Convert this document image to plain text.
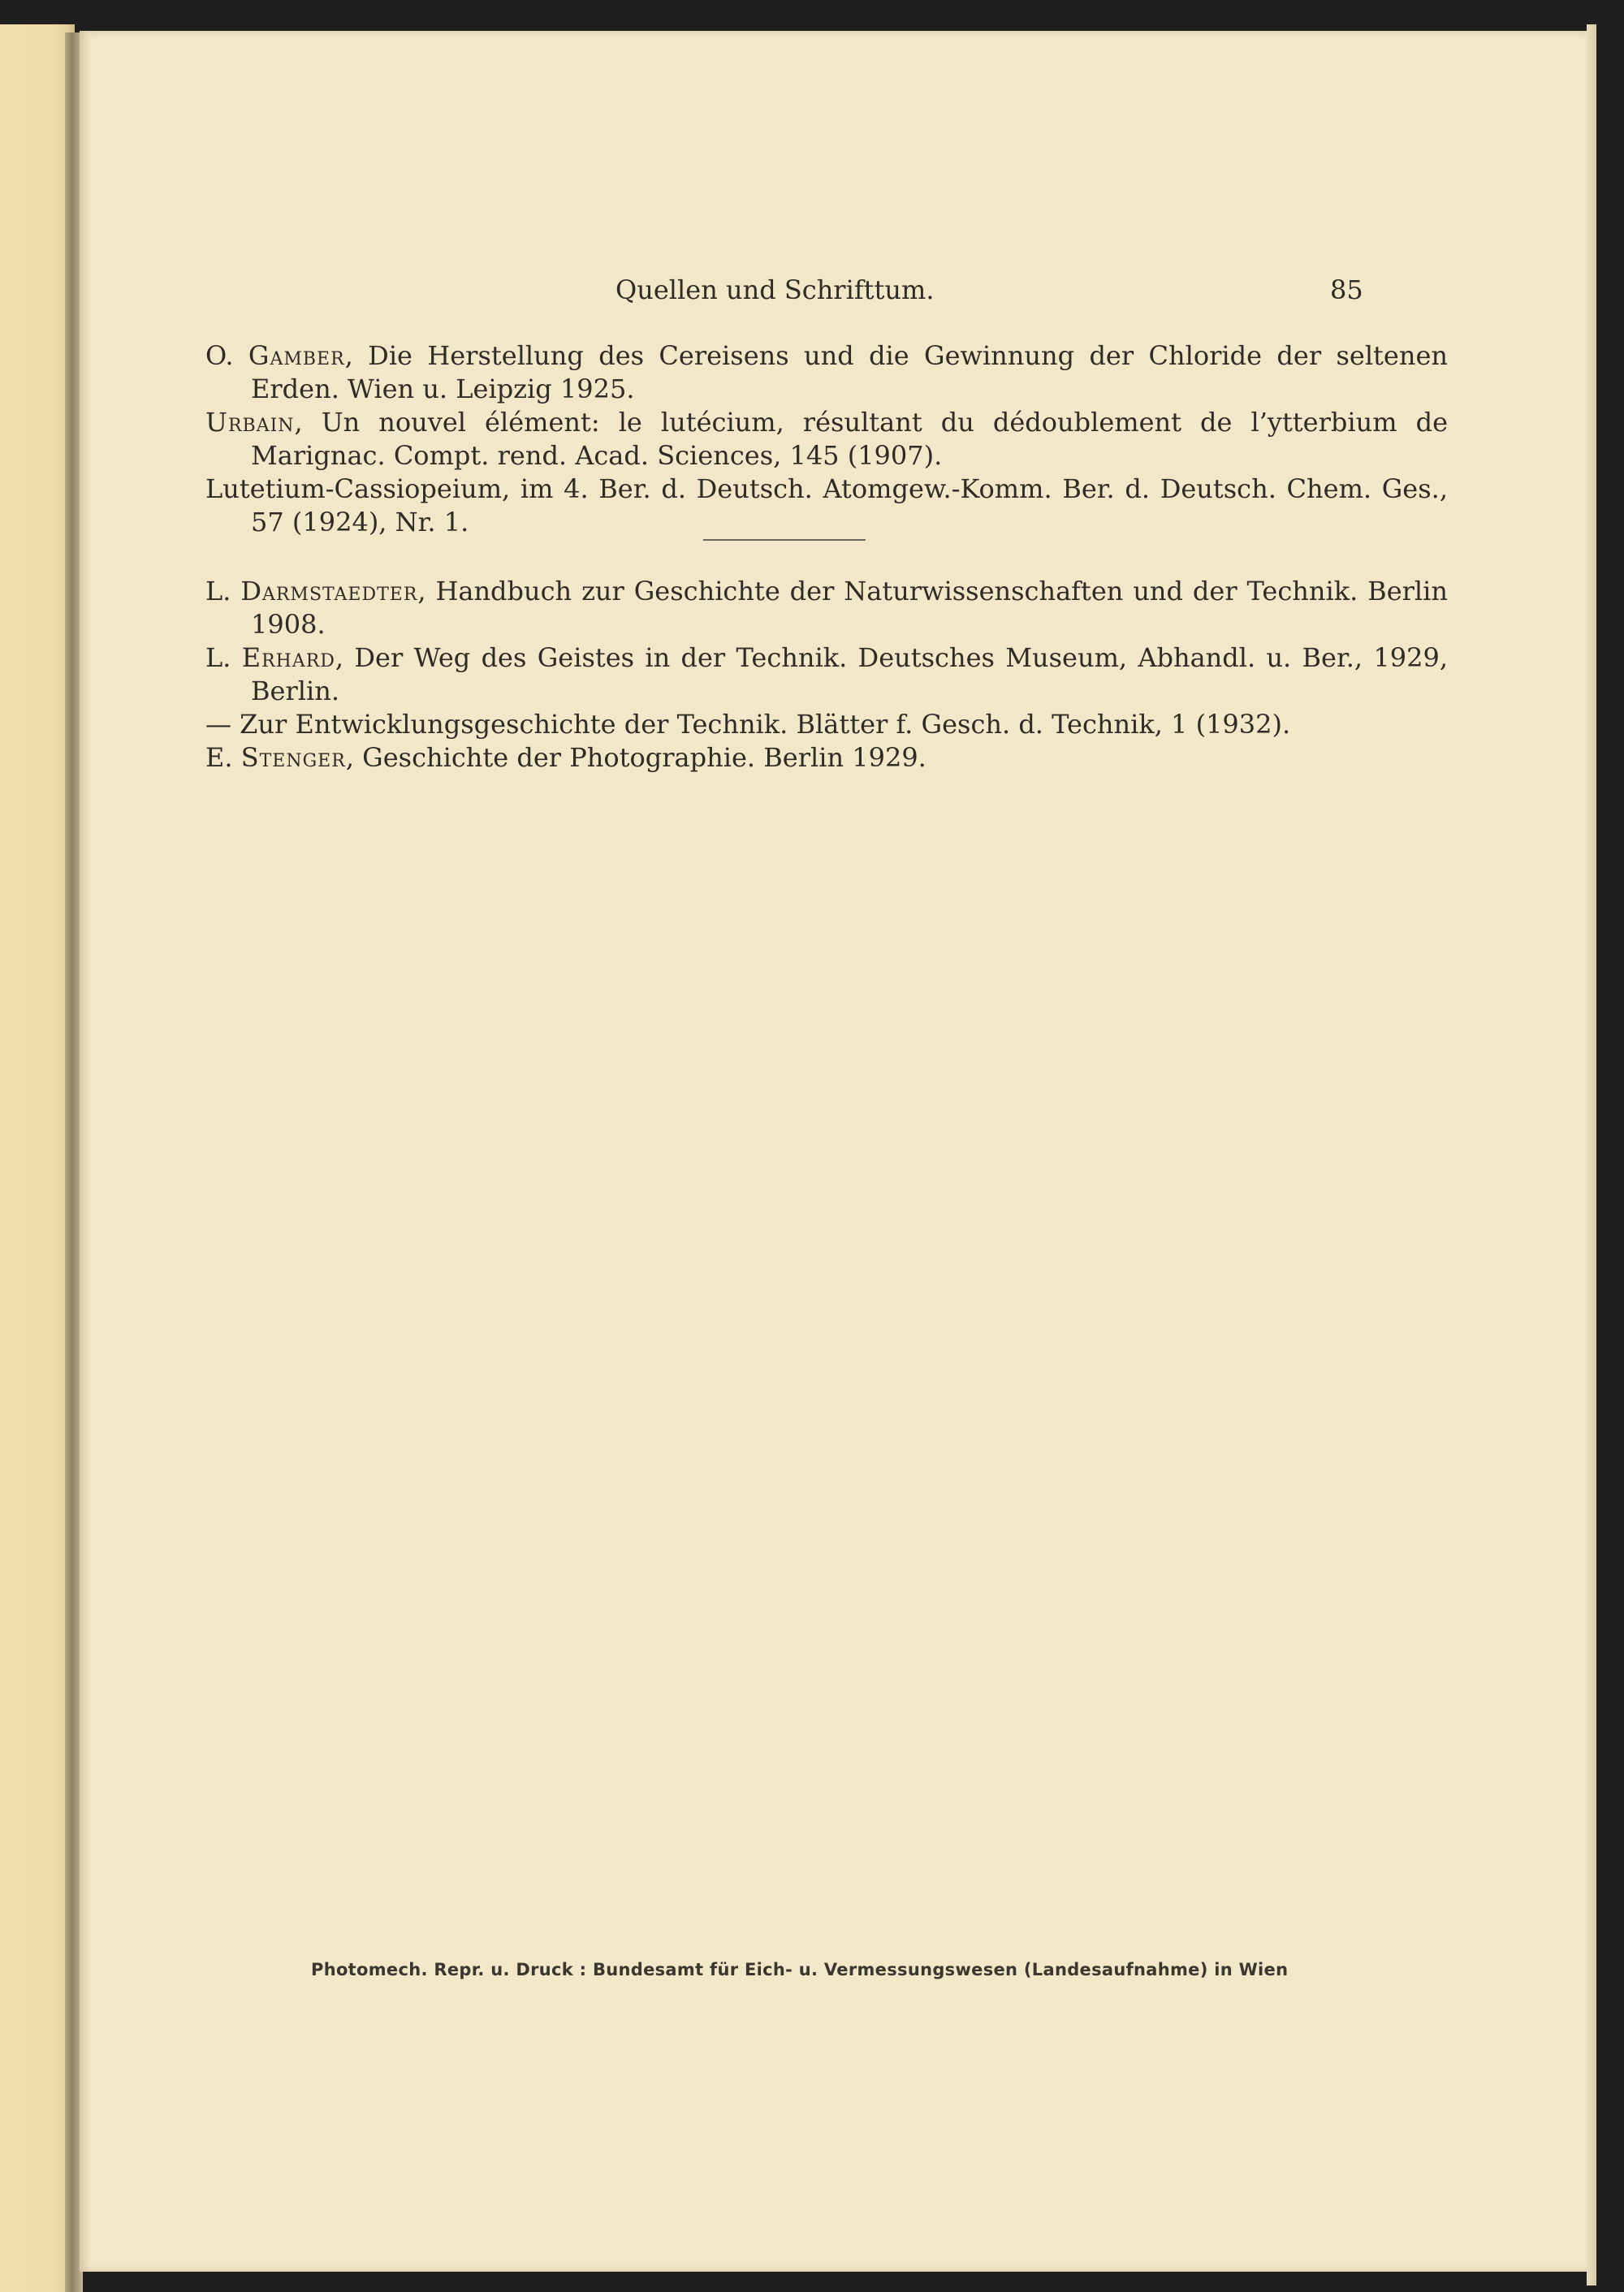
Quellen und Schrifttum.	85

O. Gamber, Die Herstellung des Cereisens und die Gewinnung der Chloride der seltenen Erden. Wien u. Leipzig 1925.

Urbain, Un nouvel élément: le lutécium, résultant du dédoublement de l’ytterbium de Marignac. Compt. rend. Acad. Sciences, 145 (1907).

Lutetium-Cassiopeium, im 4. Ber. d. Deutsch. Atomgew.-Komm. Ber. d. Deutsch. Chem. Ges., 57 (1924), Nr. 1.

L. Darmstaedter, Handbuch zur Geschichte der Naturwissenschaften und der Technik. Berlin 1908.

L. Erhard, Der Weg des Geistes in der Technik. Deutsches Museum, Abhandl. u. Ber., 1929, Berlin.

— Zur Entwicklungsgeschichte der Technik. Blätter f. Gesch. d. Technik, 1 (1932).

E. Stenger, Geschichte der Photographie. Berlin 1929.

Photomech. Repr. u. Druck : Bundesamt für Eich- u. Vermessungswesen (Landesaufnahme) in Wien
